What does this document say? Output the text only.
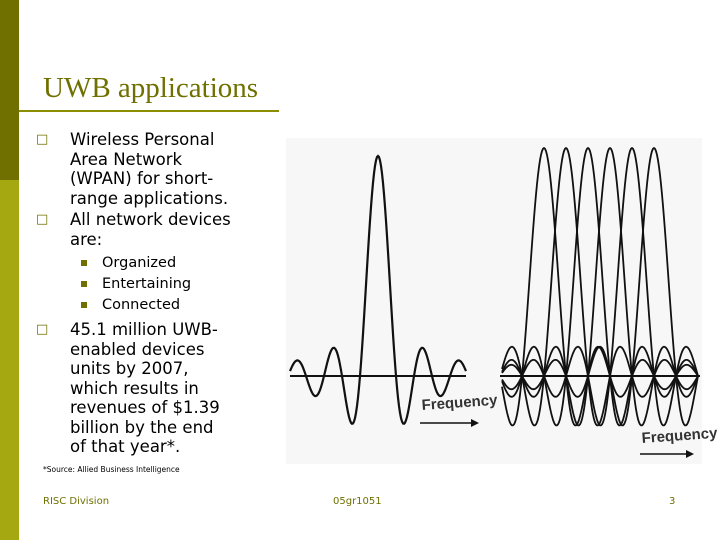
UWB applications
□ Wireless Personal
Area Network
(WPAN) for short-
range applications.
□ All network devices
are:
Organized
Entertaining
Connected
□ 45.1 million UWB-
enabled devices
units by 2007,
which results in
revenues of $1.39
billion by the end
of that year*.
Frequency
Frequency
*Source: Allied Business Intelligence
RISC Division	05gr1051	3
